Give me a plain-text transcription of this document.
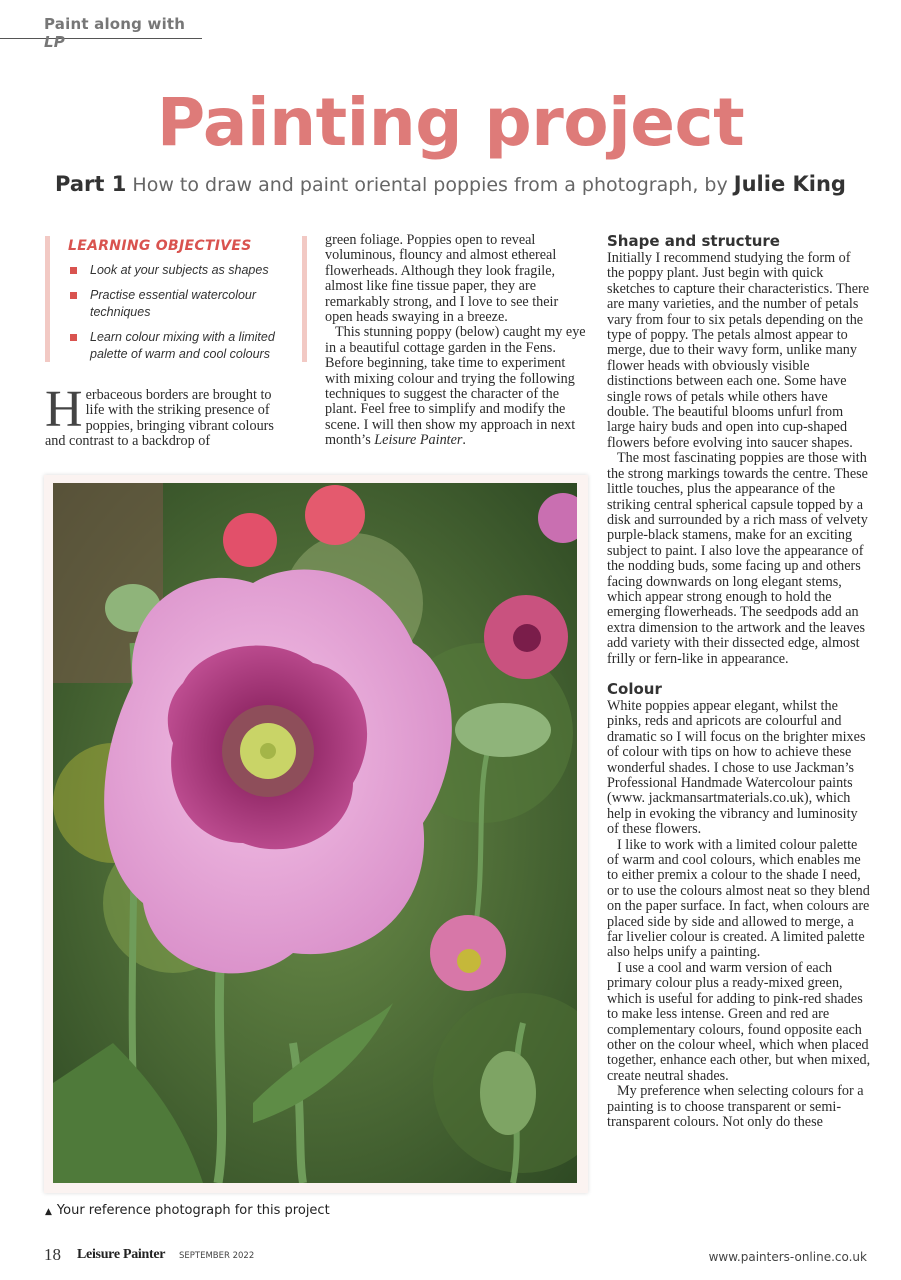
Paint along with LP
Painting project
Part 1 How to draw and paint oriental poppies from a photograph, by Julie King
LEARNING OBJECTIVES
Look at your subjects as shapes
Practise essential watercolour techniques
Learn colour mixing with a limited palette of warm and cool colours

Herbaceous borders are brought to life with the striking presence of poppies, bringing vibrant colours and contrast to a backdrop of

green foliage. Poppies open to reveal voluminous, flouncy and almost ethereal flowerheads. Although they look fragile, almost like fine tissue paper, they are remarkably strong, and I love to see their open heads swaying in a breeze.

This stunning poppy (below) caught my eye in a beautiful cottage garden in the Fens. Before beginning, take time to experiment with mixing colour and trying the following techniques to suggest the character of the plant. Feel free to simplify and modify the scene. I will then show my approach in next month’s Leisure Painter.

Shape and structure

Initially I recommend studying the form of the poppy plant. Just begin with quick sketches to capture their characteristics. There are many varieties, and the number of petals vary from four to six petals depending on the type of poppy. The petals almost appear to merge, due to their wavy form, unlike many flower heads with obviously visible distinctions between each one. Some have single rows of petals while others have double. The beautiful blooms unfurl from large hairy buds and open into cup-shaped flowers before evolving into saucer shapes.

The most fascinating poppies are those with the strong markings towards the centre. These little touches, plus the appearance of the striking central spherical capsule topped by a disk and surrounded by a rich mass of velvety purple-black stamens, make for an exciting subject to paint. I also love the appearance of the nodding buds, some facing up and others facing downwards on long elegant stems, which appear strong enough to hold the emerging flowerheads. The seedpods add an extra dimension to the artwork and the leaves add variety with their dissected edge, almost frilly or fern-like in appearance.

Colour

White poppies appear elegant, whilst the pinks, reds and apricots are colourful and dramatic so I will focus on the brighter mixes of colour with tips on how to achieve these wonderful shades. I chose to use Jackman’s Professional Handmade Watercolour paints (www. jackmansartmaterials.co.uk), which help in evoking the vibrancy and luminosity of these flowers.

I like to work with a limited colour palette of warm and cool colours, which enables me to either premix a colour to the shade I need, or to use the colours almost neat so they blend on the paper surface. In fact, when colours are placed side by side and allowed to merge, a far livelier colour is created. A limited palette also helps unify a painting.

I use a cool and warm version of each primary colour plus a ready-mixed green, which is useful for adding to pink-red shades to make less intense. Green and red are complementary colours, found opposite each other on the colour wheel, which when placed together, enhance each other, but when mixed, create neutral shades.

My preference when selecting colours for a painting is to choose transparent or semi-transparent colours. Not only do these

▲ Your reference photograph for this project
18 Leisure Painter SEPTEMBER 2022	www.painters-online.co.uk
